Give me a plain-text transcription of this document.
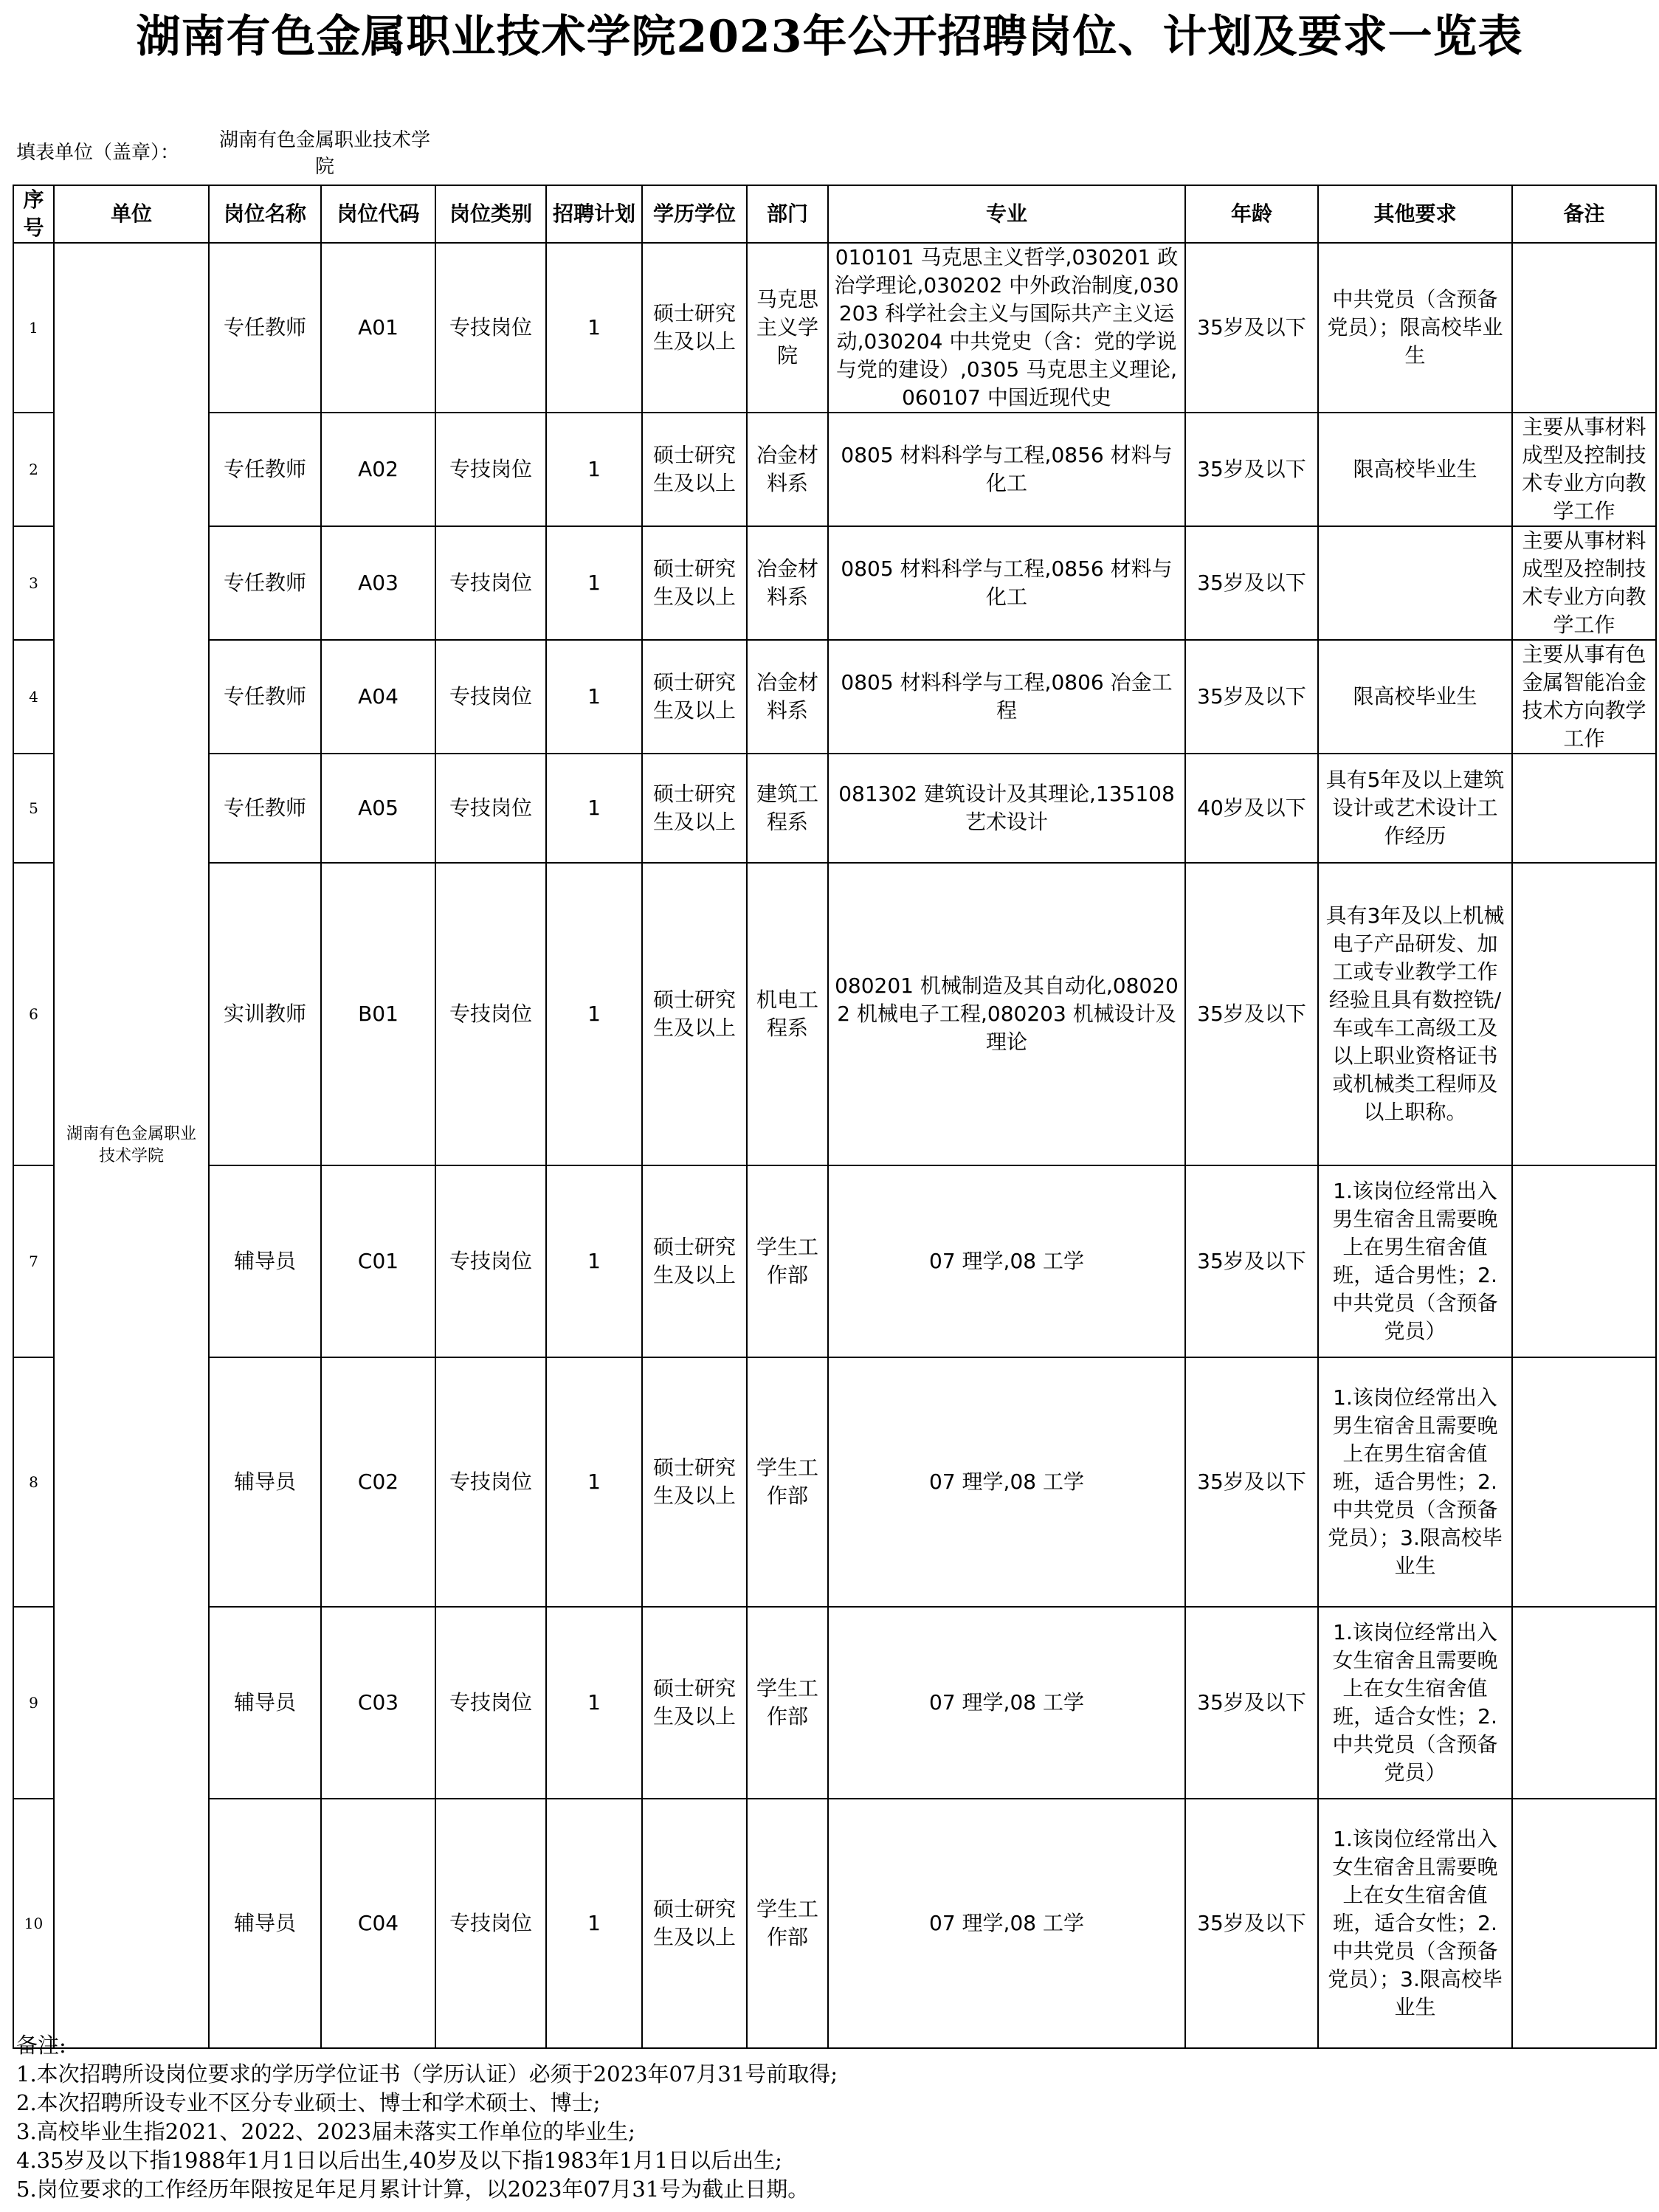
湖南有色金属职业技术学院2023年公开招聘岗位、计划及要求一览表
填表单位（盖章）：
湖南有色金属职业技术学院
序号	单位	岗位名称	岗位代码	岗位类别	招聘计划	学历学位	部门	专业	年龄	其他要求	备注
1	湖南有色金属职业技术学院	专任教师	A01	专技岗位	1	硕士研究生及以上	马克思主义学院	010101 马克思主义哲学,030201 政治学理论,030202 中外政治制度,030203 科学社会主义与国际共产主义运动,030204 中共党史（含：党的学说与党的建设）,0305 马克思主义理论,060107 中国近现代史	35岁及以下	中共党员（含预备党员）；限高校毕业生	
2		专任教师	A02	专技岗位	1	硕士研究生及以上	冶金材料系	0805 材料科学与工程,0856 材料与化工	35岁及以下	限高校毕业生	主要从事材料成型及控制技术专业方向教学工作
3		专任教师	A03	专技岗位	1	硕士研究生及以上	冶金材料系	0805 材料科学与工程,0856 材料与化工	35岁及以下		主要从事材料成型及控制技术专业方向教学工作
4		专任教师	A04	专技岗位	1	硕士研究生及以上	冶金材料系	0805 材料科学与工程,0806 冶金工程	35岁及以下	限高校毕业生	主要从事有色金属智能冶金技术方向教学工作
5		专任教师	A05	专技岗位	1	硕士研究生及以上	建筑工程系	081302 建筑设计及其理论,135108 艺术设计	40岁及以下	具有5年及以上建筑设计或艺术设计工作经历	
6		实训教师	B01	专技岗位	1	硕士研究生及以上	机电工程系	080201 机械制造及其自动化,080202 机械电子工程,080203 机械设计及理论	35岁及以下	具有3年及以上机械电子产品研发、加工或专业教学工作经验且具有数控铣/车或车工高级工及以上职业资格证书或机械类工程师及以上职称。	
7		辅导员	C01	专技岗位	1	硕士研究生及以上	学生工作部	07 理学,08 工学	35岁及以下	1.该岗位经常出入男生宿舍且需要晚上在男生宿舍值班，适合男性；2.中共党员（含预备党员）	
8		辅导员	C02	专技岗位	1	硕士研究生及以上	学生工作部	07 理学,08 工学	35岁及以下	1.该岗位经常出入男生宿舍且需要晚上在男生宿舍值班，适合男性；2.中共党员（含预备党员）；3.限高校毕业生	
9		辅导员	C03	专技岗位	1	硕士研究生及以上	学生工作部	07 理学,08 工学	35岁及以下	1.该岗位经常出入女生宿舍且需要晚上在女生宿舍值班，适合女性；2.中共党员（含预备党员）	
10		辅导员	C04	专技岗位	1	硕士研究生及以上	学生工作部	07 理学,08 工学	35岁及以下	1.该岗位经常出入女生宿舍且需要晚上在女生宿舍值班，适合女性；2.中共党员（含预备党员）；3.限高校毕业生	
备注:
1.本次招聘所设岗位要求的学历学位证书（学历认证）必须于2023年07月31号前取得;
2.本次招聘所设专业不区分专业硕士、博士和学术硕士、博士;
3.高校毕业生指2021、2022、2023届未落实工作单位的毕业生;
4.35岁及以下指1988年1月1日以后出生,40岁及以下指1983年1月1日以后出生;
5.岗位要求的工作经历年限按足年足月累计计算，以2023年07月31号为截止日期。
